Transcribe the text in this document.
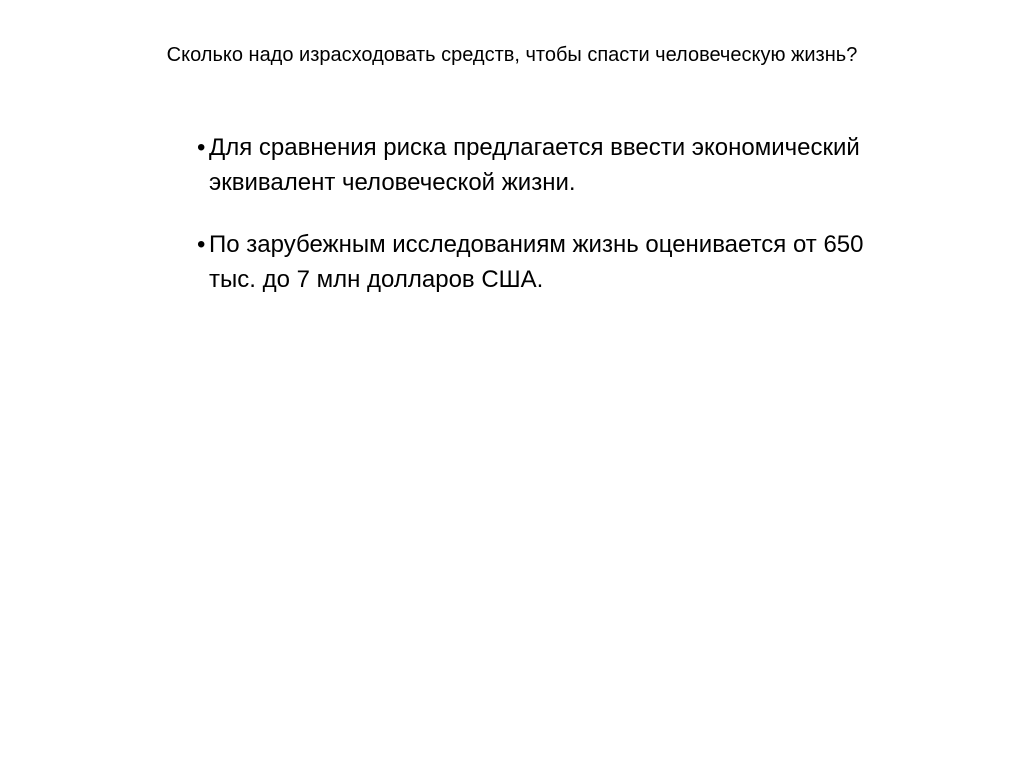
Сколько надо израсходовать средств, чтобы спасти человеческую жизнь?
• Для сравнения риска предлагается ввести экономический эквивалент человеческой жизни.
• По зарубежным исследованиям жизнь оценивается от 650 тыс. до 7 млн долларов США.
